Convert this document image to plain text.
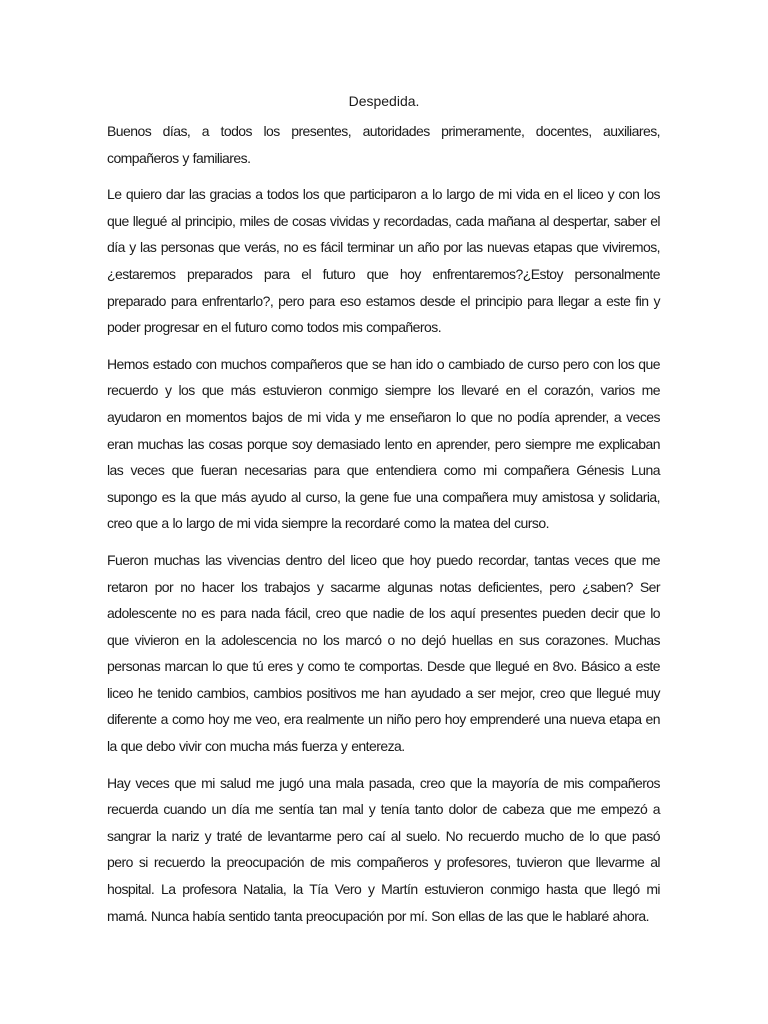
Despedida.

Buenos días, a todos los presentes, autoridades primeramente, docentes, auxiliares, compañeros y familiares.

Le quiero dar las gracias a todos los que participaron a lo largo de mi vida en el liceo y con los que llegué al principio, miles de cosas vividas y recordadas, cada mañana al despertar, saber el día y las personas que verás, no es fácil terminar un año por las nuevas etapas que viviremos, ¿estaremos preparados para el futuro que hoy enfrentaremos?¿Estoy personalmente preparado para enfrentarlo?, pero para eso estamos desde el principio para llegar a este fin y poder progresar en el futuro como todos mis compañeros.

Hemos estado con muchos compañeros que se han ido o cambiado de curso pero con los que recuerdo y los que más estuvieron conmigo siempre los llevaré en el corazón, varios me ayudaron en momentos bajos de mi vida y me enseñaron lo que no podía aprender, a veces eran muchas las cosas porque soy demasiado lento en aprender, pero siempre me explicaban las veces que fueran necesarias para que entendiera como mi compañera Génesis Luna supongo es la que más ayudo al curso, la gene fue una compañera muy amistosa y solidaria, creo que a lo largo de mi vida siempre la recordaré como la matea del curso.

Fueron muchas las vivencias dentro del liceo que hoy puedo recordar, tantas veces que me retaron por no hacer los trabajos y sacarme algunas notas deficientes, pero ¿saben? Ser adolescente no es para nada fácil, creo que nadie de los aquí presentes pueden decir que lo que vivieron en la adolescencia no los marcó o no dejó huellas en sus corazones. Muchas personas marcan lo que tú eres y como te comportas. Desde que llegué en 8vo. Básico a este liceo he tenido cambios, cambios positivos me han ayudado a ser mejor, creo que llegué muy diferente a como hoy me veo, era realmente un niño pero hoy emprenderé una nueva etapa en la que debo vivir con mucha más fuerza y entereza.

Hay veces que mi salud me jugó una mala pasada, creo que la mayoría de mis compañeros recuerda cuando un día me sentía tan mal y tenía tanto dolor de cabeza que me empezó a sangrar la nariz y traté de levantarme pero caí al suelo. No recuerdo mucho de lo que pasó pero si recuerdo la preocupación de mis compañeros y profesores, tuvieron que llevarme al hospital. La profesora Natalia, la Tía Vero y Martín estuvieron conmigo hasta que llegó mi mamá. Nunca había sentido tanta preocupación por mí. Son ellas de las que le hablaré ahora.
